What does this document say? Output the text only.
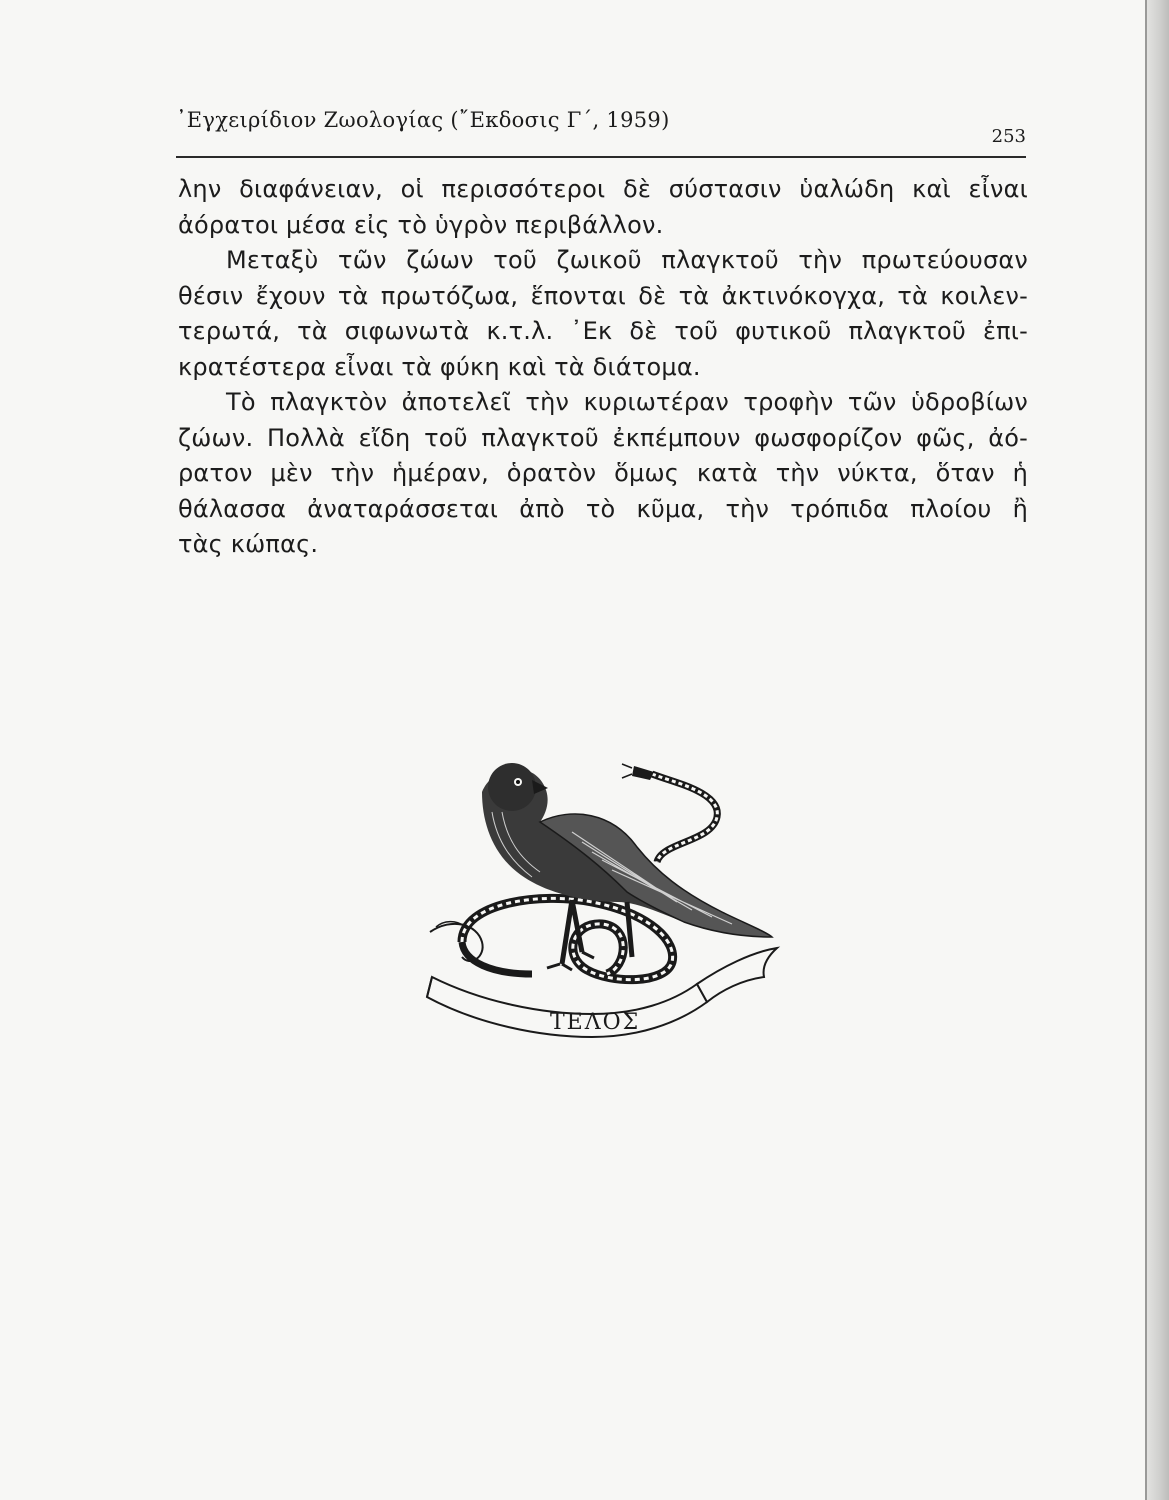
᾿Εγχειρίδιον Ζωολογίας (῎Εκδοσις Γ΄, 1959)
253
λην διαφάνειαν, οἱ περισσότεροι δὲ σύστασιν ὑαλώδη καὶ εἶναι
ἀόρατοι μέσα εἰς τὸ ὑγρὸν περιβάλλον.
Μεταξὺ τῶν ζώων τοῦ ζωικοῦ πλαγκτοῦ τὴν πρωτεύουσαν
θέσιν ἔχουν τὰ πρωτόζωα, ἕπονται δὲ τὰ ἀκτινόκογχα, τὰ κοιλεν-
τερωτά, τὰ σιφωνωτὰ κ.τ.λ. ᾿Εκ δὲ τοῦ φυτικοῦ πλαγκτοῦ ἐπι-
κρατέστερα εἶναι τὰ φύκη καὶ τὰ διάτομα.
Τὸ πλαγκτὸν ἀποτελεῖ τὴν κυριωτέραν τροφὴν τῶν ὑδροβίων
ζώων. Πολλὰ εἴδη τοῦ πλαγκτοῦ ἐκπέμπουν φωσφορίζον φῶς, ἀό-
ρατον μὲν τὴν ἡμέραν, ὁρατὸν ὅμως κατὰ τὴν νύκτα, ὅταν ἡ
θάλασσα ἀναταράσσεται ἀπὸ τὸ κῦμα, τὴν τρόπιδα πλοίου ἢ
τὰς κώπας.
ΤΕΛΟΣ
